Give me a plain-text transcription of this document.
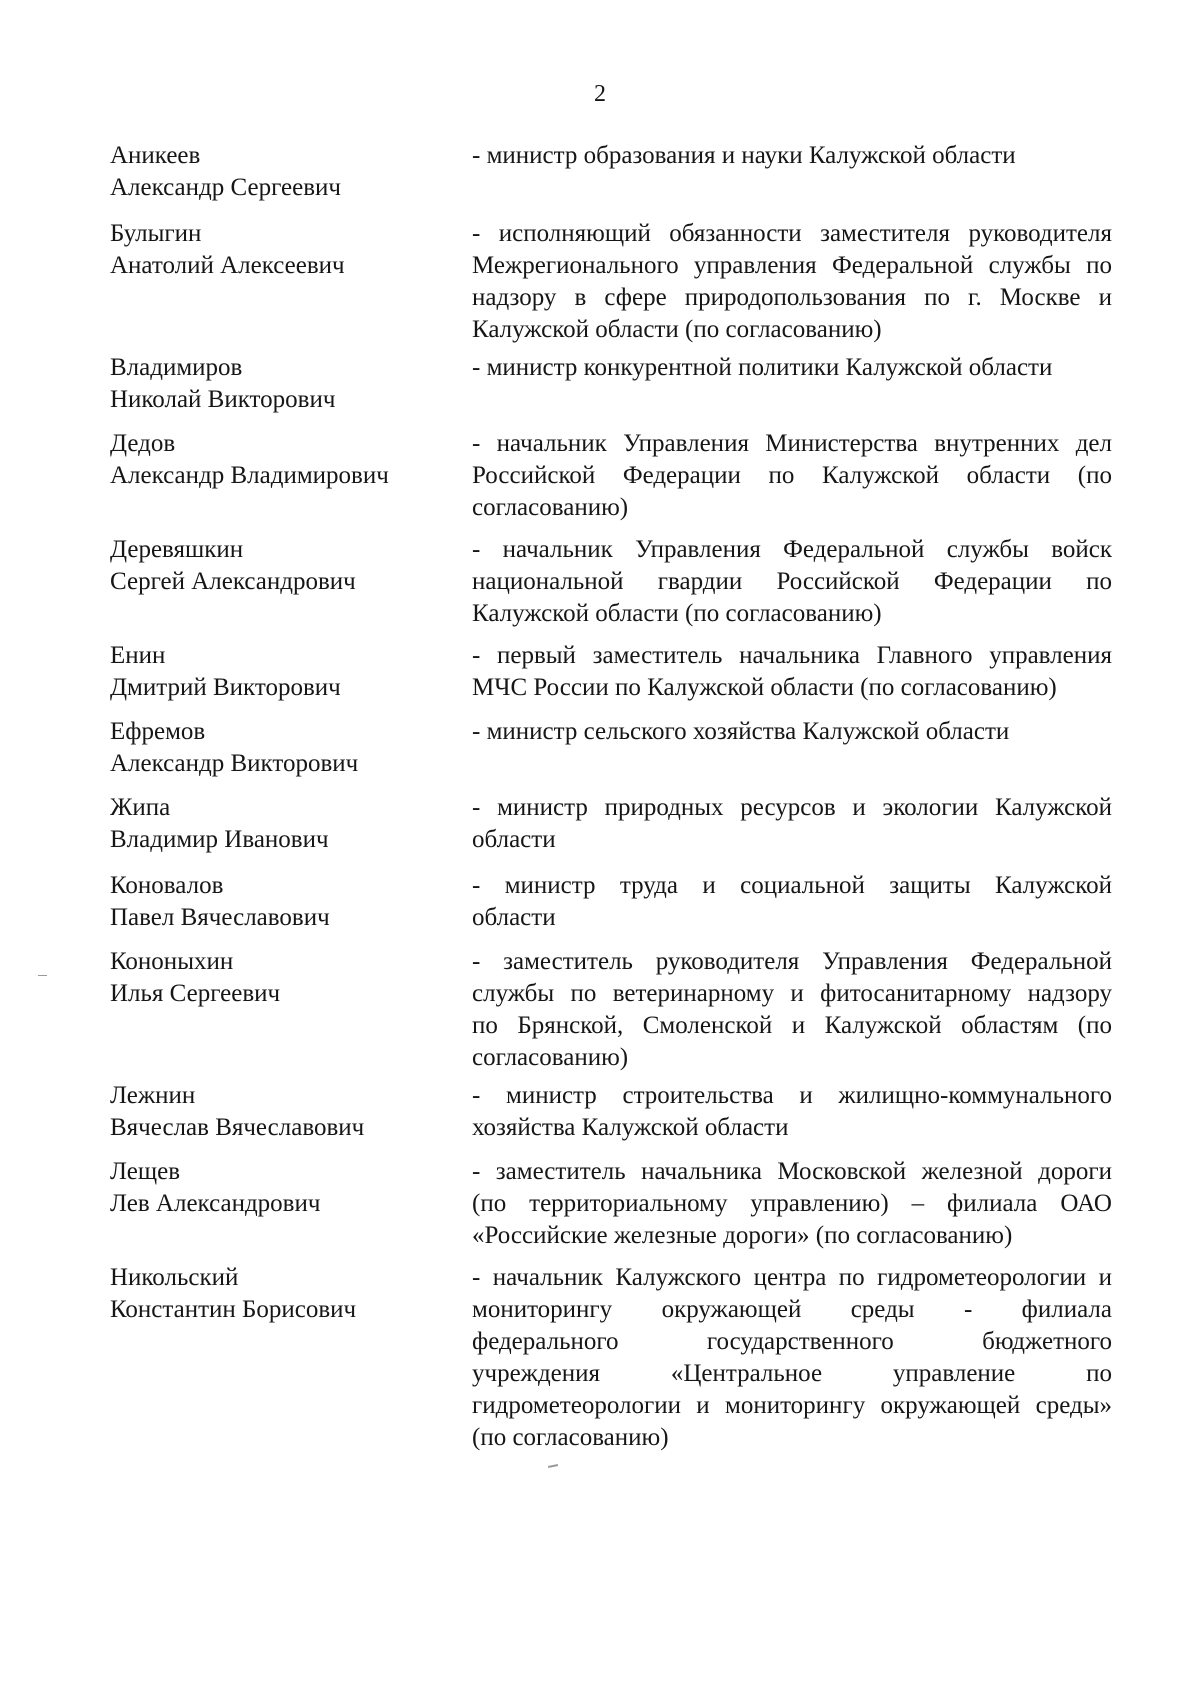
2
Аникеев
Александр Сергеевич
- министр образования и науки Калужской области
Булыгин
Анатолий Алексеевич
- исполняющий обязанности заместителя руководителя
Межрегионального управления Федеральной службы по
надзору в сфере природопользования по г. Москве и
Калужской области (по согласованию)
Владимиров
Николай Викторович
- министр конкурентной политики Калужской области
Дедов
Александр Владимирович
- начальник Управления Министерства внутренних дел
Российской Федерации по Калужской области (по
согласованию)
Деревяшкин
Сергей Александрович
- начальник Управления Федеральной службы войск
национальной гвардии Российской Федерации по
Калужской области (по согласованию)
Енин
Дмитрий Викторович
- первый заместитель начальника Главного управления
МЧС России по Калужской области (по согласованию)
Ефремов
Александр Викторович
- министр сельского хозяйства Калужской области
Жипа
Владимир Иванович
- министр природных ресурсов и экологии Калужской
области
Коновалов
Павел Вячеславович
- министр труда и социальной защиты Калужской
области
Кононыхин
Илья Сергеевич
- заместитель руководителя Управления Федеральной
службы по ветеринарному и фитосанитарному надзору
по Брянской, Смоленской и Калужской областям (по
согласованию)
Лежнин
Вячеслав Вячеславович
- министр строительства и жилищно-коммунального
хозяйства Калужской области
Лещев
Лев Александрович
- заместитель начальника Московской железной дороги
(по территориальному управлению) – филиала ОАО
«Российские железные дороги» (по согласованию)
Никольский
Константин Борисович
- начальник Калужского центра по гидрометеорологии и
мониторингу окружающей среды - филиала
федерального государственного бюджетного
учреждения «Центральное управление по
гидрометеорологии и мониторингу окружающей среды»
(по согласованию)
